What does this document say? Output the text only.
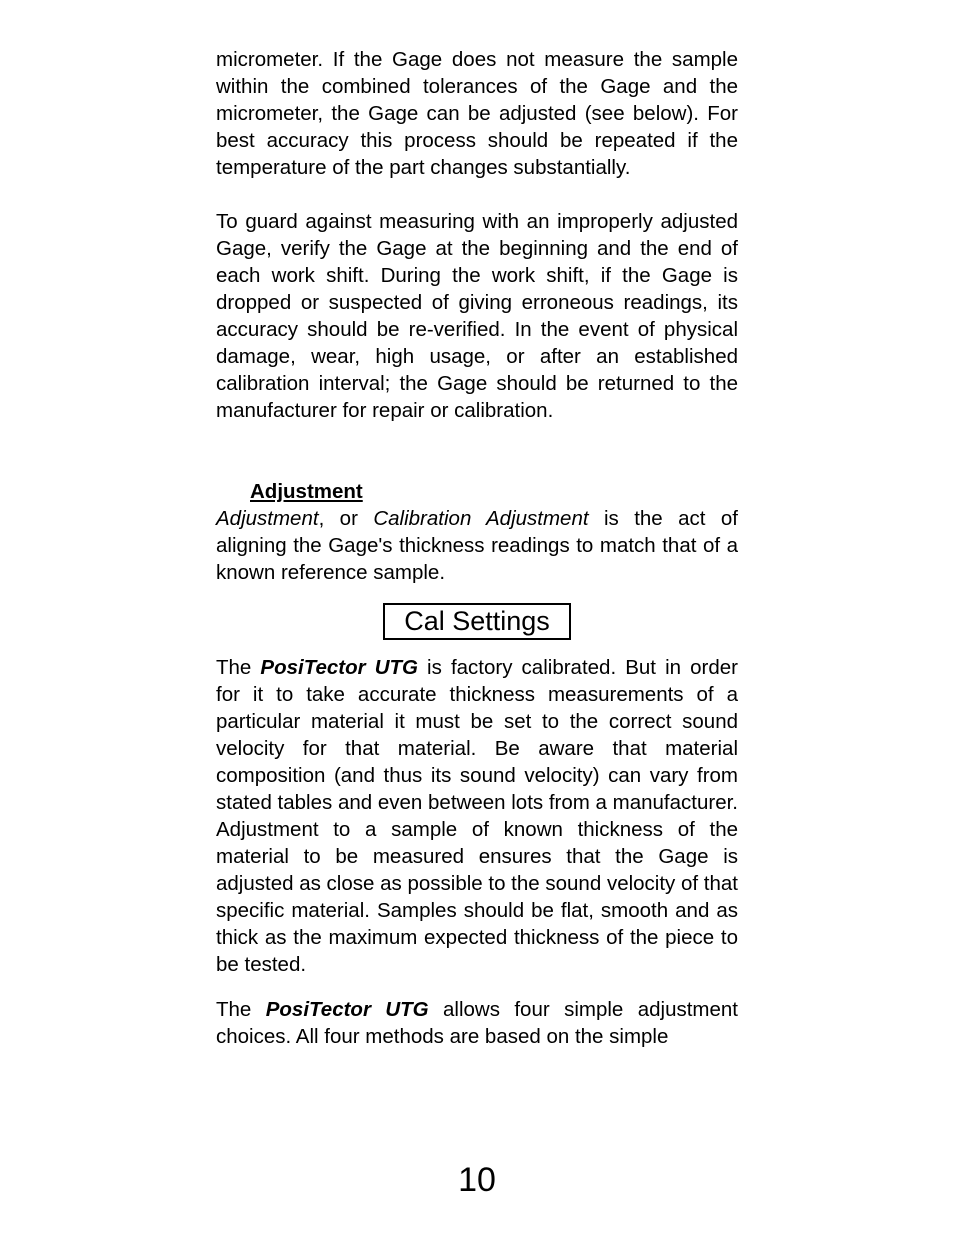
micrometer. If the Gage does not measure the sample within the combined tolerances of the Gage and the micrometer, the Gage can be adjusted (see below). For best accuracy this process should be repeated if the temperature of the part changes substantially.

To guard against measuring with an improperly adjusted Gage, verify the Gage at the beginning and the end of each work shift. During the work shift, if the Gage is dropped or suspected of giving erroneous readings, its accuracy should be re-verified. In the event of physical damage, wear, high usage, or after an established calibration interval; the Gage should be returned to the manufacturer for repair or calibration.

Adjustment

Adjustment, or Calibration Adjustment is the act of aligning the Gage's thickness readings to match that of a known reference sample.

Cal Settings

The PosiTector UTG is factory calibrated. But in order for it to take accurate thickness measurements of a particular material it must be set to the correct sound velocity for that material. Be aware that material composition (and thus its sound velocity) can vary from stated tables and even between lots from a manufacturer. Adjustment to a sample of known thickness of the material to be measured ensures that the Gage is adjusted as close as possible to the sound velocity of that specific material. Samples should be flat, smooth and as thick as the maximum expected thickness of the piece to be tested.

The PosiTector UTG allows four simple adjustment choices. All four methods are based on the simple

10
